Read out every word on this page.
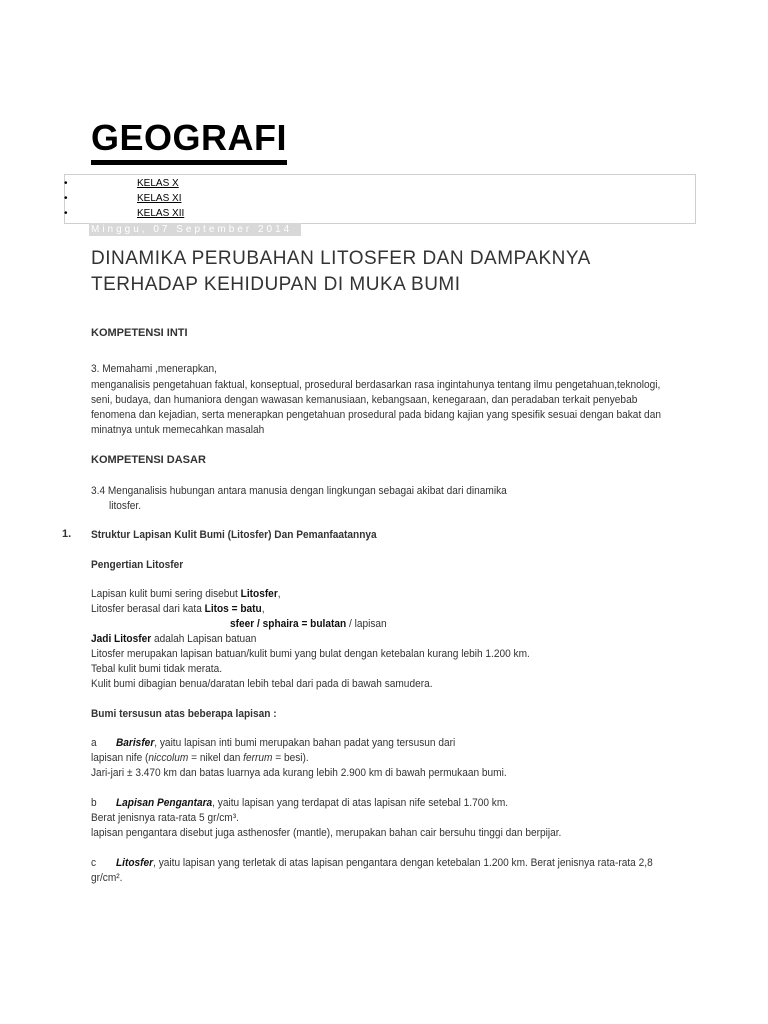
GEOGRAFI
•	KELAS X
•	KELAS XI
•	KELAS XII
Minggu, 07 September 2014
DINAMIKA PERUBAHAN LITOSFER DAN DAMPAKNYA
TERHADAP KEHIDUPAN DI MUKA BUMI
KOMPETENSI INTI
3. Memahami ,menerapkan,
menganalisis pengetahuan faktual, konseptual, prosedural berdasarkan rasa ingintahunya tentang ilmu pengetahuan,teknologi,
seni, budaya, dan humaniora dengan wawasan kemanusiaan, kebangsaan, kenegaraan, dan peradaban terkait penyebab
fenomena dan kejadian, serta menerapkan pengetahuan prosedural pada bidang kajian yang spesifik sesuai dengan bakat dan
minatnya untuk memecahkan masalah
KOMPETENSI DASAR
3.4 Menganalisis hubungan antara manusia dengan lingkungan sebagai akibat dari dinamika
litosfer.
1. Struktur Lapisan Kulit Bumi (Litosfer) Dan Pemanfaatannya
Pengertian Litosfer
Lapisan kulit bumi sering disebut Litosfer,
Litosfer berasal dari kata Litos = batu,
sfeer / sphaira = bulatan / lapisan
Jadi Litosfer adalah Lapisan batuan
Litosfer merupakan lapisan batuan/kulit bumi yang bulat dengan ketebalan kurang lebih 1.200 km.
Tebal kulit bumi tidak merata.
Kulit bumi dibagian benua/daratan lebih tebal dari pada di bawah samudera.
Bumi tersusun atas beberapa lapisan :
a Barisfer, yaitu lapisan inti bumi merupakan bahan padat yang tersusun dari
lapisan nife (niccolum = nikel dan ferrum = besi).
Jari-jari ± 3.470 km dan batas luarnya ada kurang lebih 2.900 km di bawah permukaan bumi.
b Lapisan Pengantara, yaitu lapisan yang terdapat di atas lapisan nife setebal 1.700 km.
Berat jenisnya rata-rata 5 gr/cm³.
lapisan pengantara disebut juga asthenosfer (mantle), merupakan bahan cair bersuhu tinggi dan berpijar.
c Litosfer, yaitu lapisan yang terletak di atas lapisan pengantara dengan ketebalan 1.200 km. Berat jenisnya rata-rata 2,8
gr/cm².
